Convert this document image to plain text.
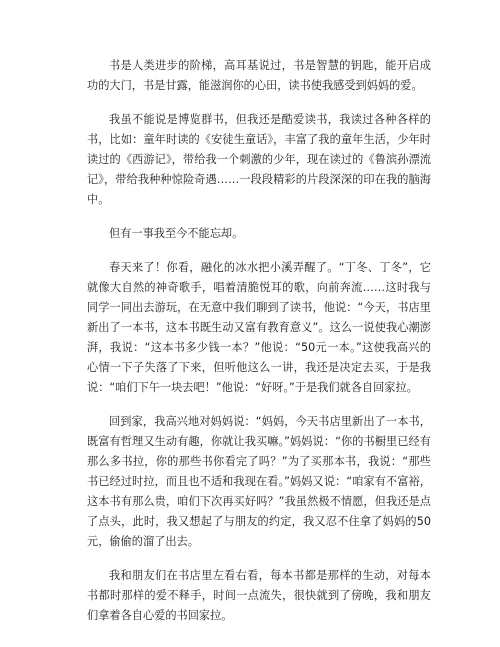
书是人类进步的阶梯，高耳基说过，书是智慧的钥匙，能开启成功的大门，书是甘露，能滋润你的心田，读书使我感受到妈妈的爱。

我虽不能说是博览群书，但我还是酷爱读书，我读过各种各样的书，比如：童年时读的《安徒生童话》，丰富了我的童年生活，少年时读过的《西游记》，带给我一个刺激的少年，现在读过的《鲁滨孙漂流记》，带给我种种惊险奇遇……一段段精彩的片段深深的印在我的脑海中。

但有一事我至今不能忘却。

春天来了！你看，融化的冰水把小溪弄醒了。“丁冬、丁冬”，它就像大自然的神奇歌手，唱着清脆悦耳的歌，向前奔流……这时我与同学一同出去游玩，在无意中我们聊到了读书，他说：“今天，书店里新出了一本书，这本书既生动又富有教育意义”。这么一说使我心潮澎湃，我说：“这本书多少钱一本？”他说：“50元一本。”这使我高兴的心情一下子失落了下来，但听他这么一讲，我还是决定去买，于是我说：“咱们下午一块去吧！”他说：“好呀。”于是我们就各自回家拉。

回到家，我高兴地对妈妈说：“妈妈，今天书店里新出了一本书，既富有哲理又生动有趣，你就让我买嘛。”妈妈说：“你的书橱里已经有那么多书拉，你的那些书你看完了吗？”为了买那本书，我说：“那些书已经过时拉，而且也不适和我现在看。”妈妈又说：“咱家有不富裕，这本书有那么贵，咱们下次再买好吗？”我虽然极不情愿，但我还是点了点头，此时，我又想起了与朋友的约定，我又忍不住拿了妈妈的50元，偷偷的溜了出去。

我和朋友们在书店里左看右看，每本书都是那样的生动，对每本书都时那样的爱不释手，时间一点流失，很快就到了傍晚，我和朋友们拿着各自心爱的书回家拉。
